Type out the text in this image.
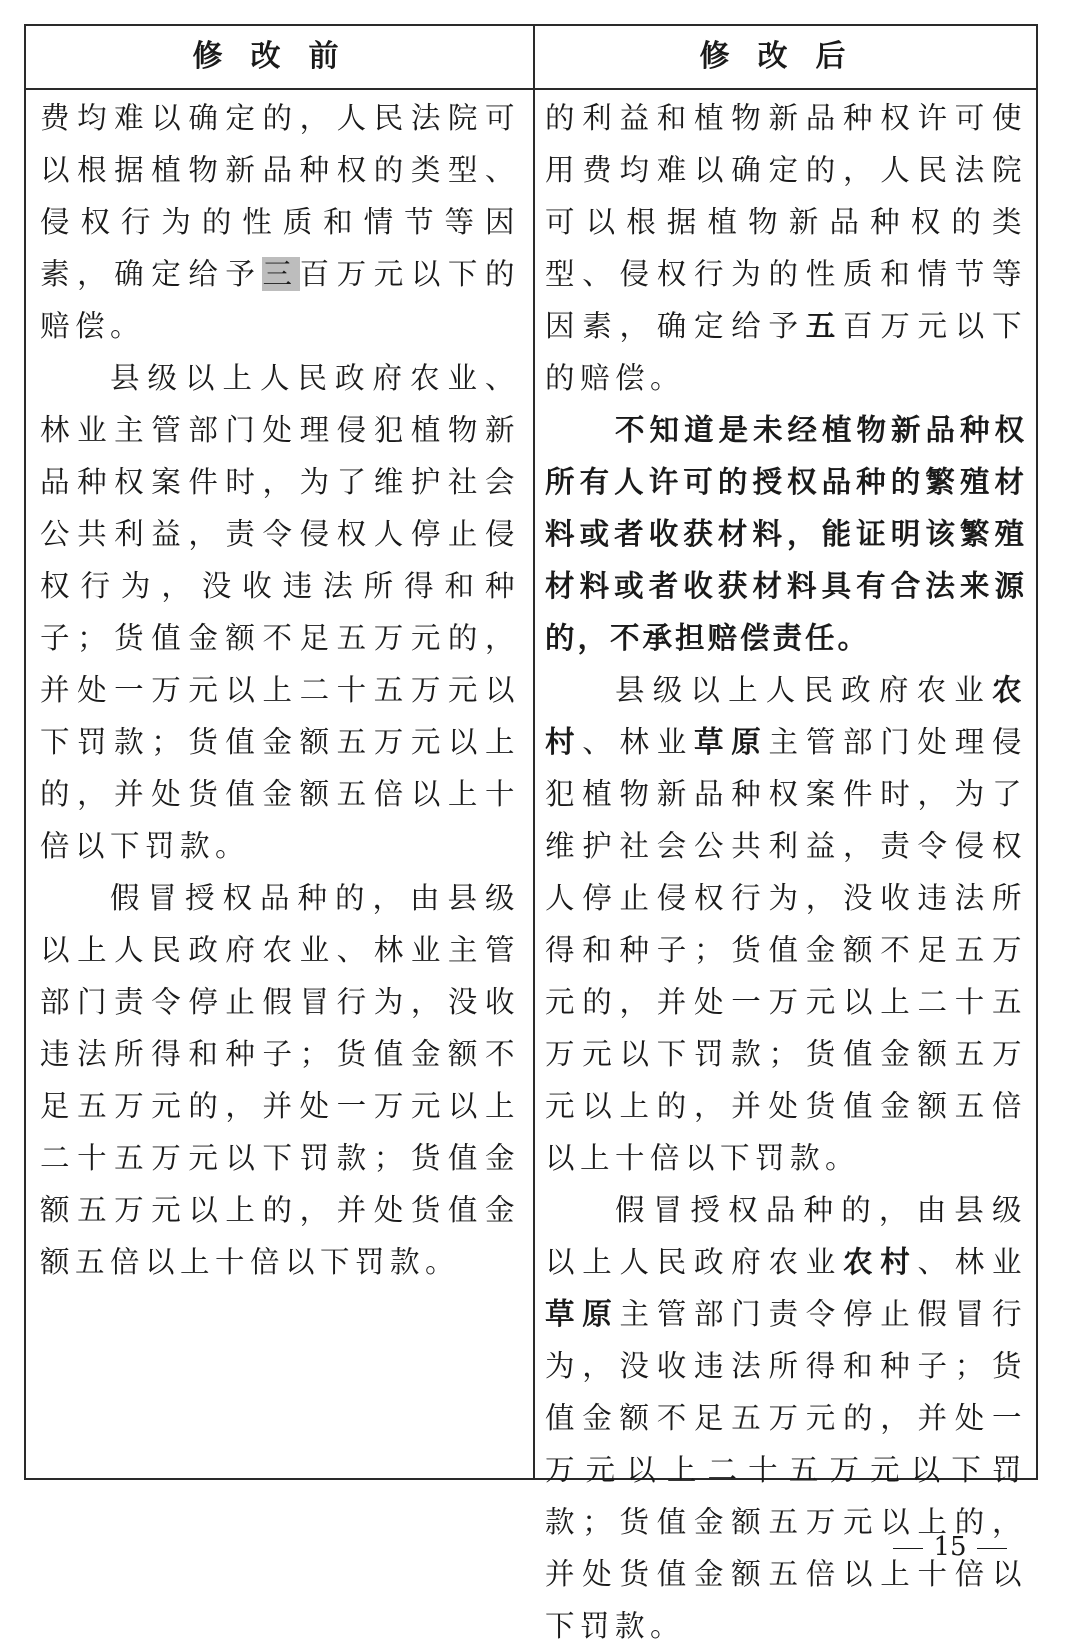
修改前	修改后

费均难以确定的，人民法院可以根据植物新品种权的类型、侵权行为的性质和情节等因素，确定给予三百万元以下的赔偿。

县级以上人民政府农业、林业主管部门处理侵犯植物新品种权案件时，为了维护社会公共利益，责令侵权人停止侵权行为，没收违法所得和种子；货值金额不足五万元的，并处一万元以上二十五万元以下罚款；货值金额五万元以上的，并处货值金额五倍以上十倍以下罚款。

假冒授权品种的，由县级以上人民政府农业、林业主管部门责令停止假冒行为，没收违法所得和种子；货值金额不足五万元的，并处一万元以上二十五万元以下罚款；货值金额五万元以上的，并处货值金额五倍以上十倍以下罚款。

的利益和植物新品种权许可使用费均难以确定的，人民法院可以根据植物新品种权的类型、侵权行为的性质和情节等因素，确定给予五百万元以下的赔偿。

不知道是未经植物新品种权所有人许可的授权品种的繁殖材料或者收获材料，能证明该繁殖材料或者收获材料具有合法来源的，不承担赔偿责任。

县级以上人民政府农业农村、林业草原主管部门处理侵犯植物新品种权案件时，为了维护社会公共利益，责令侵权人停止侵权行为，没收违法所得和种子；货值金额不足五万元的，并处一万元以上二十五万元以下罚款；货值金额五万元以上的，并处货值金额五倍以上十倍以下罚款。

假冒授权品种的，由县级以上人民政府农业农村、林业草原主管部门责令停止假冒行为，没收违法所得和种子；货值金额不足五万元的，并处一万元以上二十五万元以下罚款；货值金额五万元以上的，并处货值金额五倍以上十倍以下罚款。

15
